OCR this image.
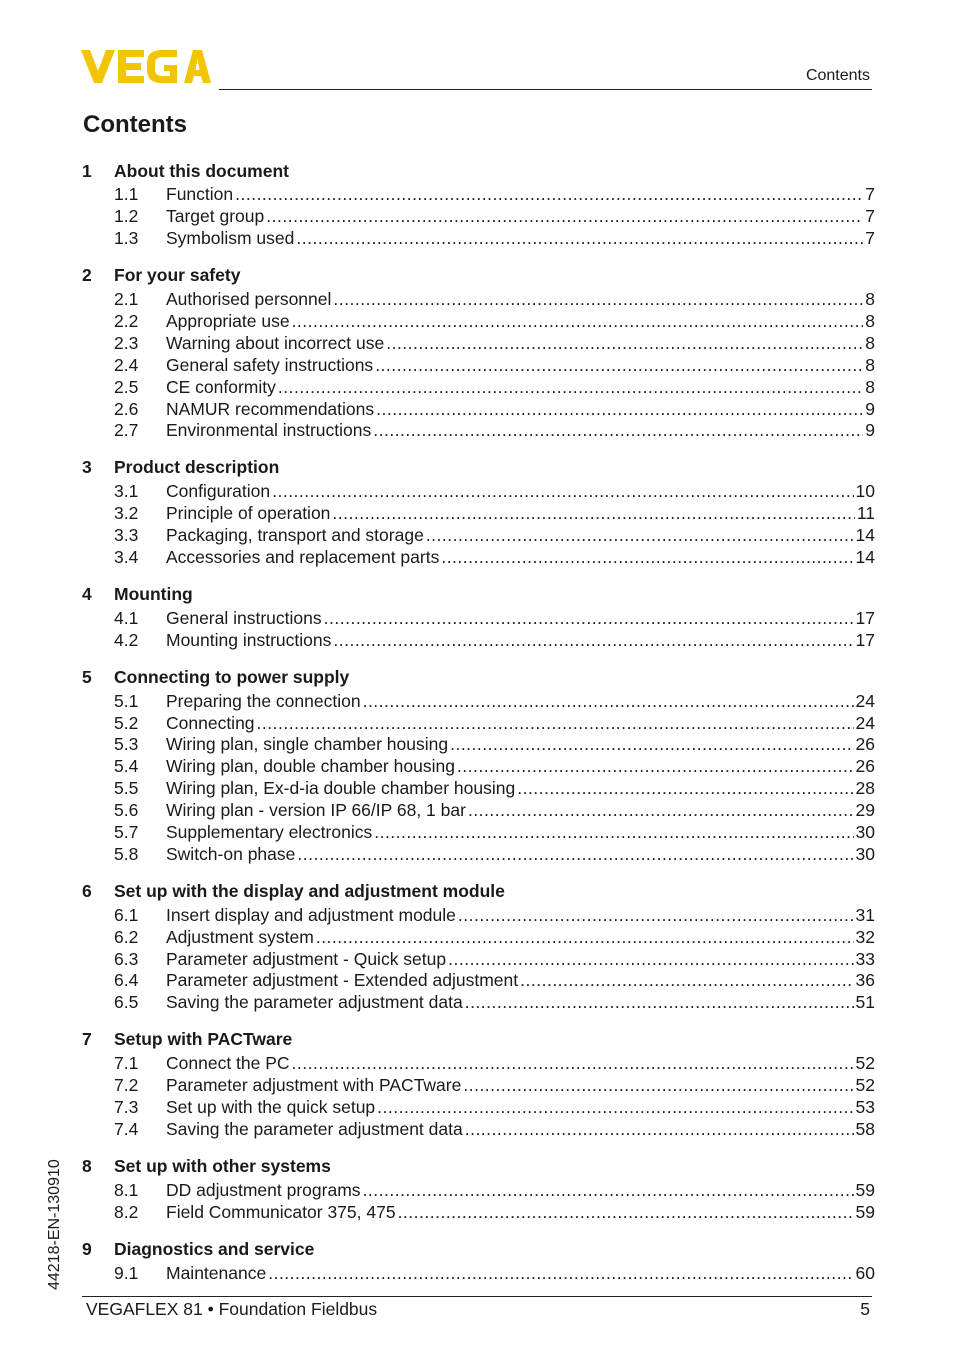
Contents
Contents
1	About this document
1.1	Function .....	7
1.2	Target group .....	7
1.3	Symbolism used .....	7
2	For your safety
2.1	Authorised personnel .....	8
2.2	Appropriate use .....	8
2.3	Warning about incorrect use .....	8
2.4	General safety instructions .....	8
2.5	CE conformity .....	8
2.6	NAMUR recommendations .....	9
2.7	Environmental instructions .....	9
3	Product description
3.1	Configuration .....	10
3.2	Principle of operation .....	11
3.3	Packaging, transport and storage .....	14
3.4	Accessories and replacement parts .....	14
4	Mounting
4.1	General instructions .....	17
4.2	Mounting instructions .....	17
5	Connecting to power supply
5.1	Preparing the connection .....	24
5.2	Connecting .....	24
5.3	Wiring plan, single chamber housing .....	26
5.4	Wiring plan, double chamber housing .....	26
5.5	Wiring plan, Ex-d-ia double chamber housing .....	28
5.6	Wiring plan - version IP 66/IP 68, 1 bar .....	29
5.7	Supplementary electronics .....	30
5.8	Switch-on phase .....	30
6	Set up with the display and adjustment module
6.1	Insert display and adjustment module .....	31
6.2	Adjustment system .....	32
6.3	Parameter adjustment - Quick setup .....	33
6.4	Parameter adjustment - Extended adjustment .....	36
6.5	Saving the parameter adjustment data .....	51
7	Setup with PACTware
7.1	Connect the PC .....	52
7.2	Parameter adjustment with PACTware .....	52
7.3	Set up with the quick setup .....	53
7.4	Saving the parameter adjustment data .....	58
8	Set up with other systems
8.1	DD adjustment programs .....	59
8.2	Field Communicator 375, 475 .....	59
9	Diagnostics and service
9.1	Maintenance .....	60
44218-EN-130910
VEGAFLEX 81 • Foundation Fieldbus	5
